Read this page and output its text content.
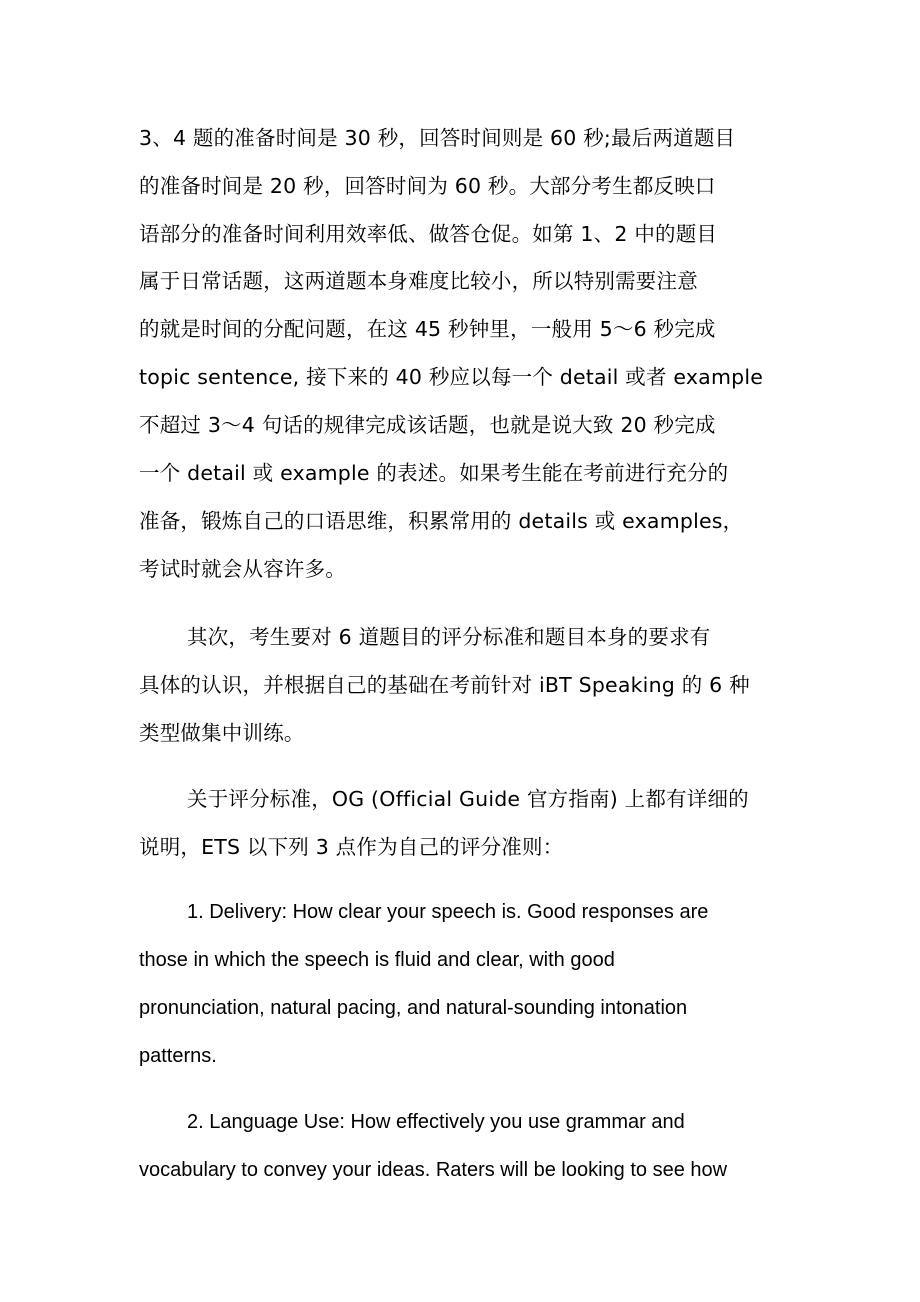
3、4 题的准备时间是 30 秒，回答时间则是 60 秒;最后两道题目
的准备时间是 20 秒，回答时间为 60 秒。大部分考生都反映口
语部分的准备时间利用效率低、做答仓促。如第 1、2 中的题目
属于日常话题，这两道题本身难度比较小，所以特别需要注意
的就是时间的分配问题，在这 45 秒钟里，一般用 5～6 秒完成
topic sentence, 接下来的 40 秒应以每一个 detail 或者 example
不超过 3～4 句话的规律完成该话题，也就是说大致 20 秒完成
一个 detail 或 example 的表述。如果考生能在考前进行充分的
准备，锻炼自己的口语思维，积累常用的 details 或 examples，
考试时就会从容许多。
其次，考生要对 6 道题目的评分标准和题目本身的要求有
具体的认识，并根据自己的基础在考前针对 iBT Speaking 的 6 种
类型做集中训练。
关于评分标准，OG (Official Guide 官方指南) 上都有详细的
说明，ETS 以下列 3 点作为自己的评分准则：
1. Delivery: How clear your speech is. Good responses are
those in which the speech is fluid and clear, with good
pronunciation, natural pacing, and natural-sounding intonation
patterns.
2. Language Use: How effectively you use grammar and
vocabulary to convey your ideas. Raters will be looking to see how
